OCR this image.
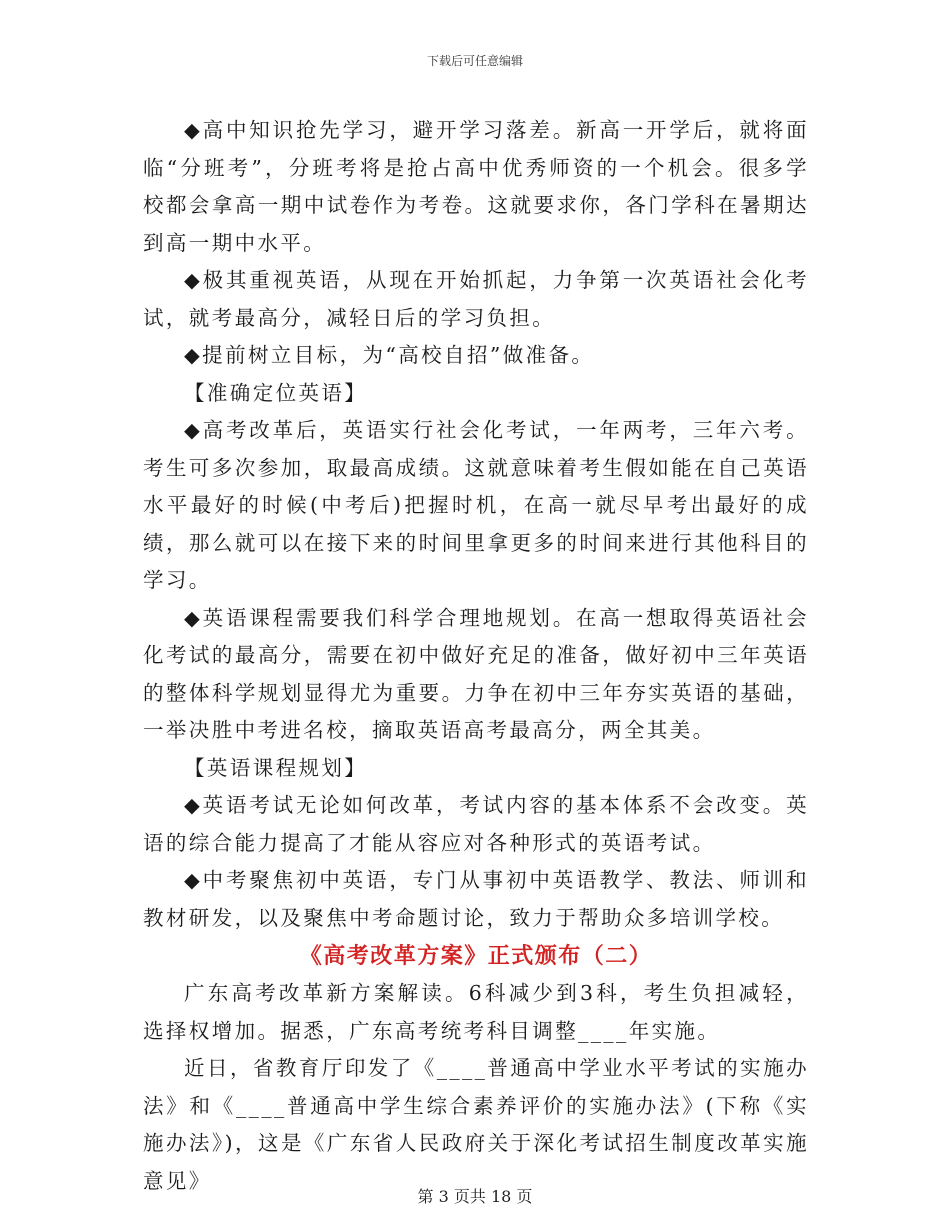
下载后可任意编辑

◆高中知识抢先学习，避开学习落差。新高一开学后，就将面临“分班考”，分班考将是抢占高中优秀师资的一个机会。很多学校都会拿高一期中试卷作为考卷。这就要求你，各门学科在暑期达到高一期中水平。

◆极其重视英语，从现在开始抓起，力争第一次英语社会化考试，就考最高分，减轻日后的学习负担。

◆提前树立目标，为“高校自招”做准备。

【准确定位英语】

◆高考改革后，英语实行社会化考试，一年两考，三年六考。考生可多次参加，取最高成绩。这就意味着考生假如能在自己英语水平最好的时候(中考后)把握时机，在高一就尽早考出最好的成绩，那么就可以在接下来的时间里拿更多的时间来进行其他科目的学习。

◆英语课程需要我们科学合理地规划。在高一想取得英语社会化考试的最高分，需要在初中做好充足的准备，做好初中三年英语的整体科学规划显得尤为重要。力争在初中三年夯实英语的基础，一举决胜中考进名校，摘取英语高考最高分，两全其美。

【英语课程规划】

◆英语考试无论如何改革，考试内容的基本体系不会改变。英语的综合能力提高了才能从容应对各种形式的英语考试。

◆中考聚焦初中英语，专门从事初中英语教学、教法、师训和教材研发，以及聚焦中考命题讨论，致力于帮助众多培训学校。

《高考改革方案》正式颁布（二）

广东高考改革新方案解读。6科减少到3科，考生负担减轻，选择权增加。据悉，广东高考统考科目调整____年实施。

近日，省教育厅印发了《____普通高中学业水平考试的实施办法》和《____普通高中学生综合素养评价的实施办法》(下称《实施办法》)，这是《广东省人民政府关于深化考试招生制度改革实施意见》

第 3 页共 18 页
